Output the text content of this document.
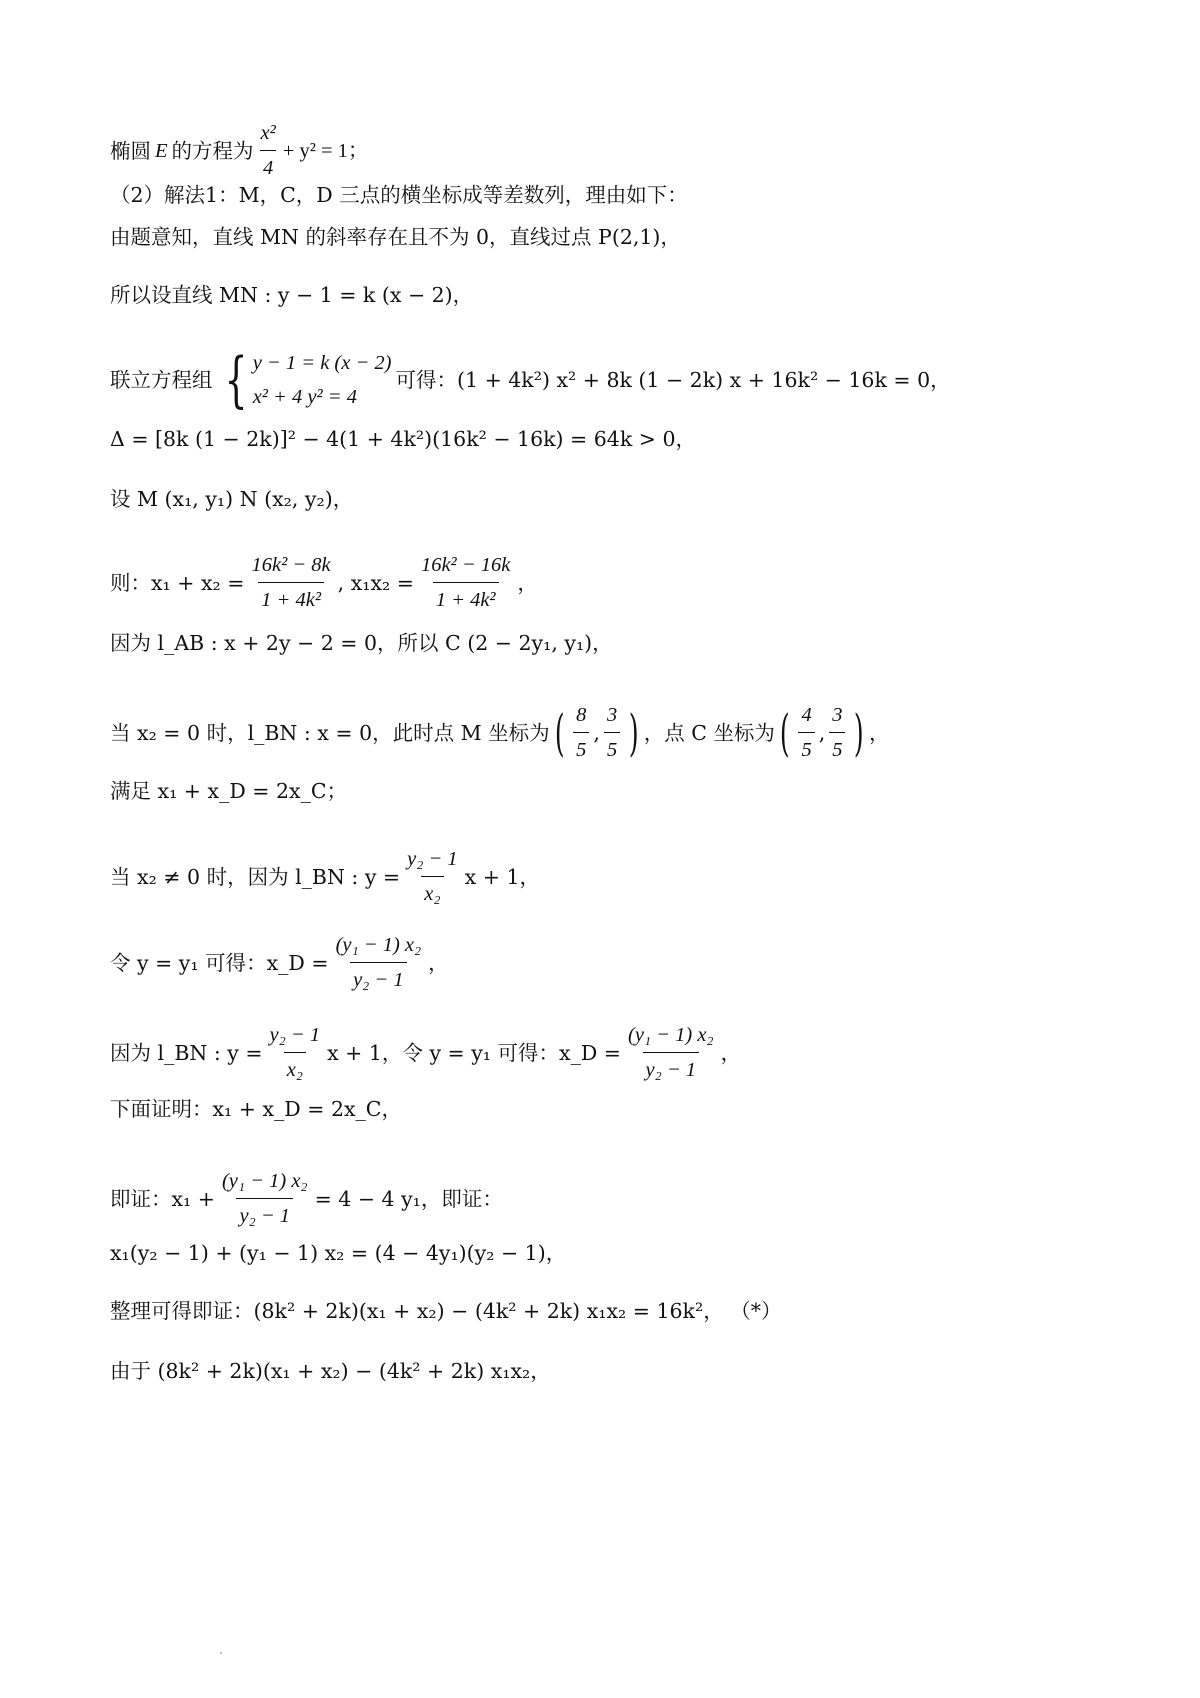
椭圆 E 的方程为 $\frac{\text{x²}}{4} + y^2 = 1$；
（2）解法1：M，C，D 三点的横坐标成等差数列，理由如下：
由题意知，直线 MN 的斜率存在且不为 0，直线过点 P(2,1)，
所以设直线 MN : y − 1 = k (x − 2)，
联立方程组 { y − 1 = k (x − 2)
x² + 4 y² = 4
可得：(1 + 4k²) x² + 8k (1 − 2k) x + 16k² − 16k = 0，
Δ = [8k (1 − 2k)]² − 4(1 + 4k²)(16k² − 16k) = 64k > 0，
设 M (x₁, y₁) N (x₂, y₂)，
则：$x_1 + x_2 = \frac{\text{16k² − 8k}}{\text{1 + 4k²}}$ , $x_1x_2 = \frac{\text{16k² − 16k}}{\text{1 + 4k²}}$ ，
因为 l_AB : x + 2y − 2 = 0，所以 C (2 − 2y₁, y₁)，
当 x₂ = 0 时，l_BN : x = 0，此时点 M 坐标为 ( $\frac{8}{5}$ , $\frac{3}{5}$ ) ，点 C 坐标为 ( $\frac{4}{5}$ , $\frac{3}{5}$ ) ，
满足 x₁ + x_D = 2x_C；
当 x₂ ≠ 0 时，因为 l_BN : $y = \frac{\text{y₂ − 1}}{\text{x₂}}$ x + 1，
令 y = y₁ 可得：x_D = $\frac{\text{(y₁ − 1) x₂}}{\text{y₂ − 1}}$ ，
因为 l_BN : $y = \frac{\text{y₂ − 1}}{\text{x₂}}$ x + 1，令 y = y₁ 可得：x_D = $\frac{\text{(y₁ − 1) x₂}}{\text{y₂ − 1}}$ ，
下面证明：x₁ + x_D = 2x_C，
即证：$x_1 + \frac{\text{(y₁ − 1) x₂}}{\text{y₂ − 1}} = 4 - 4$ y₁，即证：
x₁(y₂ − 1) + (y₁ − 1) x₂ = (4 − 4y₁)(y₂ − 1)，
整理可得即证：(8k² + 2k)(x₁ + x₂) − (4k² + 2k) x₁x₂ = 16k²， （*）
由于 (8k² + 2k)(x₁ + x₂) − (4k² + 2k) x₁x₂，
